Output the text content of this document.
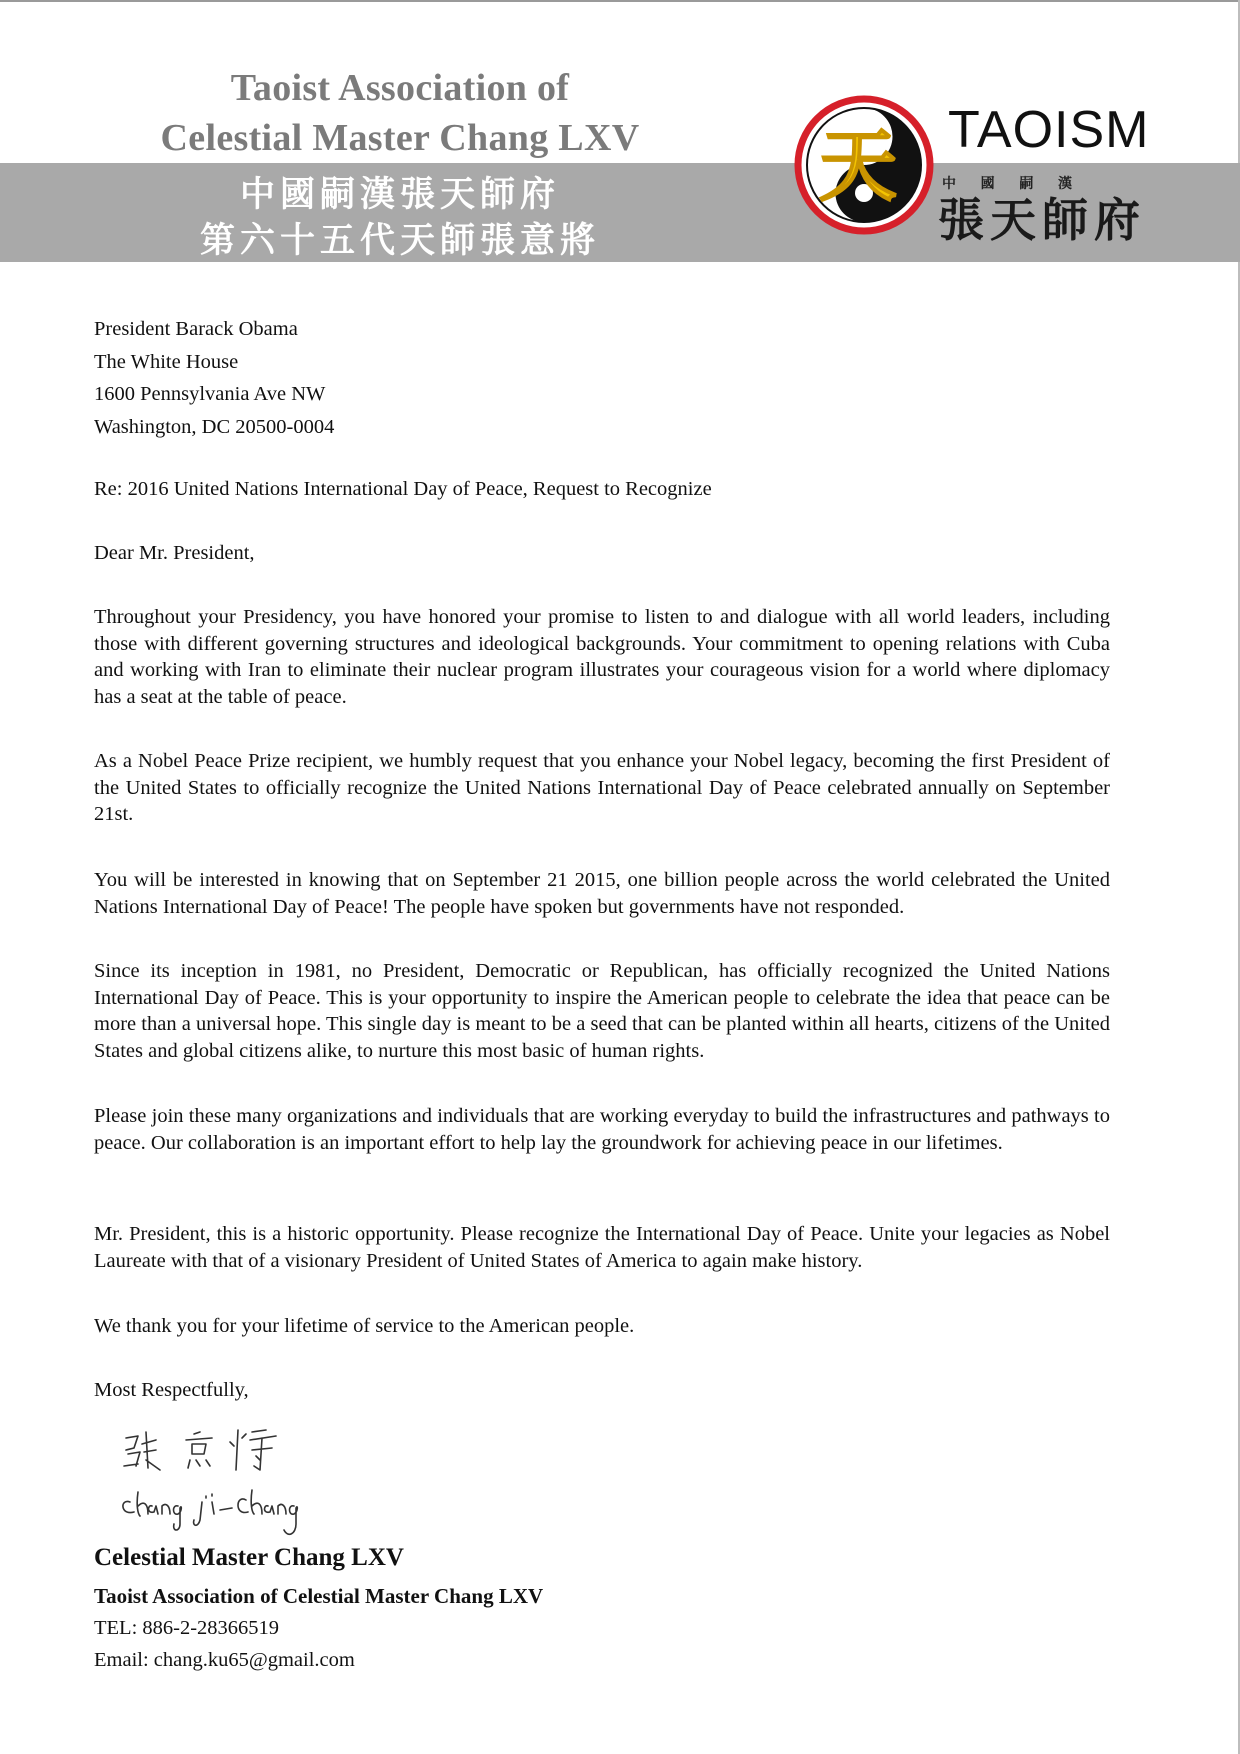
Taoist Association of
Celestial Master Chang LXV
中國嗣漢張天師府
第六十五代天師張意將
天 TAOISM
中 國 嗣 漢
張天師府
President Barack Obama
The White House
1600 Pennsylvania Ave NW
Washington, DC 20500-0004
Re: 2016 United Nations International Day of Peace, Request to Recognize
Dear Mr. President,
Throughout your Presidency, you have honored your promise to listen to and dialogue with all world leaders, including those with different governing structures and ideological backgrounds. Your commitment to opening relations with Cuba and working with Iran to eliminate their nuclear program illustrates your courageous vision for a world where diplomacy has a seat at the table of peace.
As a Nobel Peace Prize recipient, we humbly request that you enhance your Nobel legacy, becoming the first President of the United States to officially recognize the United Nations International Day of Peace celebrated annually on September 21st.
You will be interested in knowing that on September 21 2015, one billion people across the world celebrated the United Nations International Day of Peace! The people have spoken but governments have not responded.
Since its inception in 1981, no President, Democratic or Republican, has officially recognized the United Nations International Day of Peace. This is your opportunity to inspire the American people to celebrate the idea that peace can be more than a universal hope. This single day is meant to be a seed that can be planted within all hearts, citizens of the United States and global citizens alike, to nurture this most basic of human rights.
Please join these many organizations and individuals that are working everyday to build the infrastructures and pathways to peace. Our collaboration is an important effort to help lay the groundwork for achieving peace in our lifetimes.
Mr. President, this is a historic opportunity. Please recognize the International Day of Peace. Unite your legacies as Nobel Laureate with that of a visionary President of United States of America to again make history.
We thank you for your lifetime of service to the American people.
Most Respectfully,
Celestial Master Chang LXV
Taoist Association of Celestial Master Chang LXV
TEL: 886-2-28366519
Email: chang.ku65@gmail.com
